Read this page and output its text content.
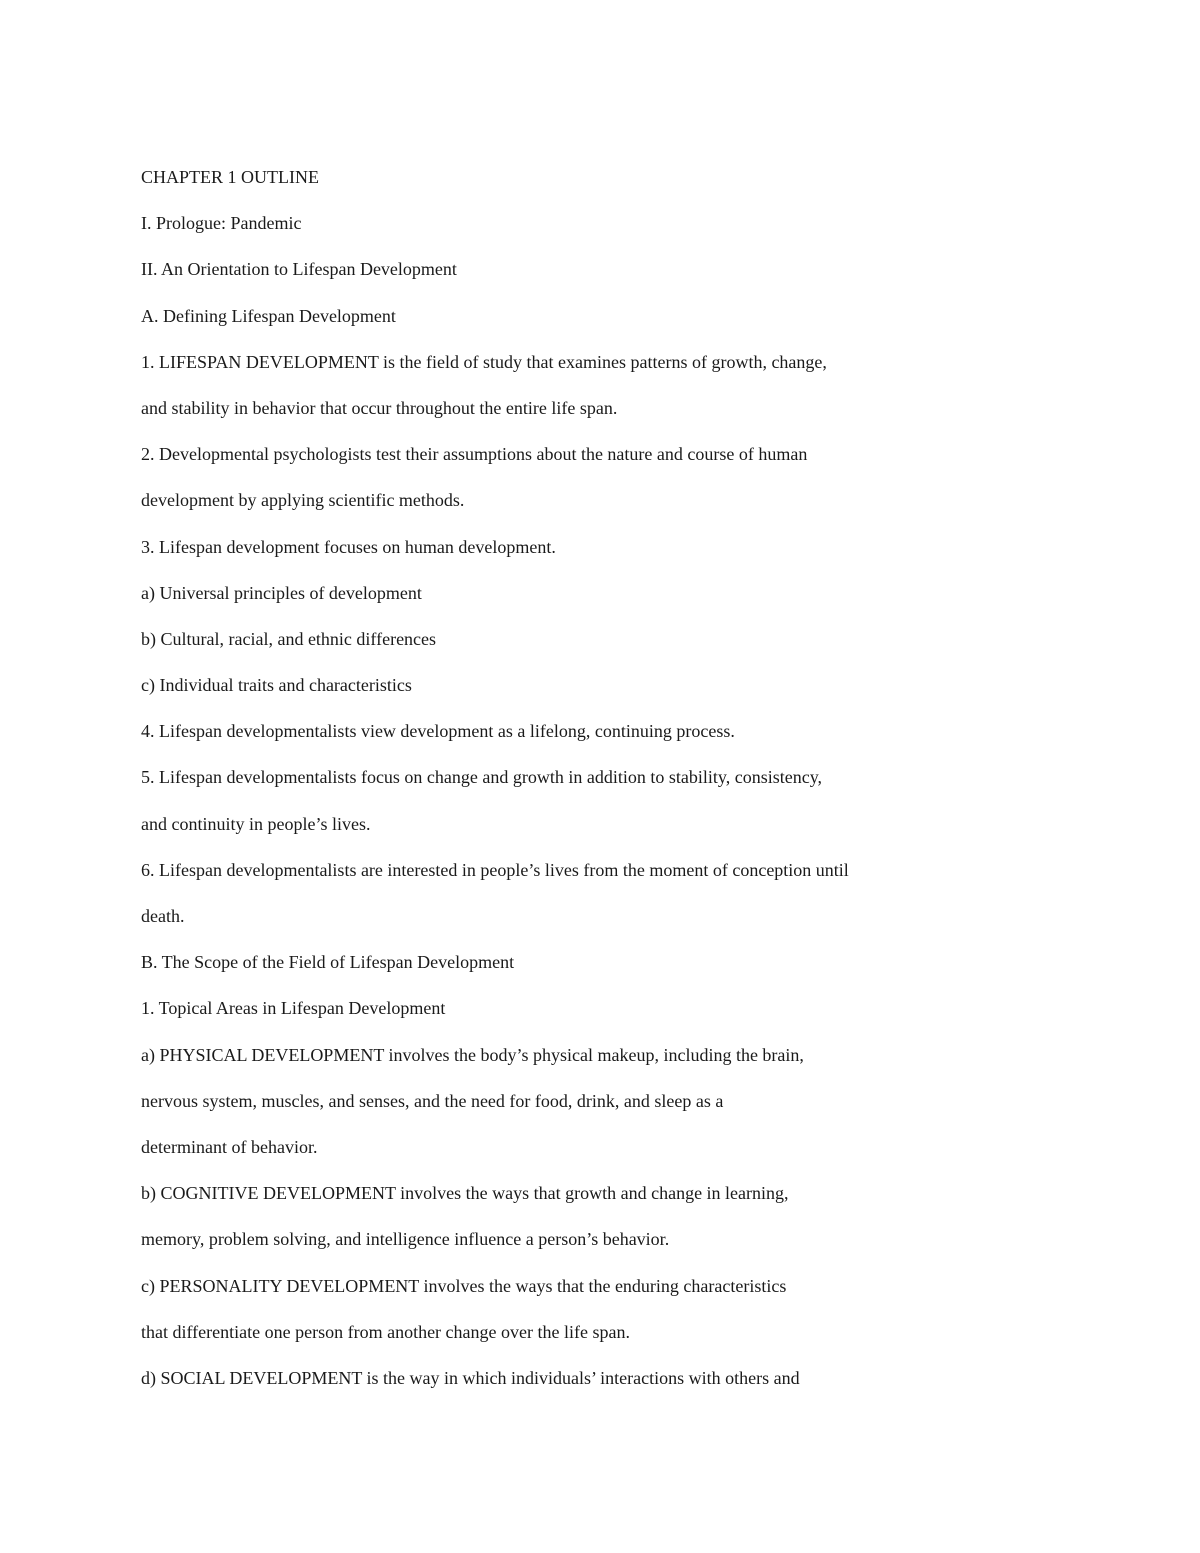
CHAPTER 1 OUTLINE
I. Prologue: Pandemic
II. An Orientation to Lifespan Development
A. Defining Lifespan Development
1. LIFESPAN DEVELOPMENT is the field of study that examines patterns of growth, change,
and stability in behavior that occur throughout the entire life span.
2. Developmental psychologists test their assumptions about the nature and course of human
development by applying scientific methods.
3. Lifespan development focuses on human development.
a) Universal principles of development
b) Cultural, racial, and ethnic differences
c) Individual traits and characteristics
4. Lifespan developmentalists view development as a lifelong, continuing process.
5. Lifespan developmentalists focus on change and growth in addition to stability, consistency,
and continuity in people’s lives.
6. Lifespan developmentalists are interested in people’s lives from the moment of conception until
death.
B. The Scope of the Field of Lifespan Development
1. Topical Areas in Lifespan Development
a) PHYSICAL DEVELOPMENT involves the body’s physical makeup, including the brain,
nervous system, muscles, and senses, and the need for food, drink, and sleep as a
determinant of behavior.
b) COGNITIVE DEVELOPMENT involves the ways that growth and change in learning,
memory, problem solving, and intelligence influence a person’s behavior.
c) PERSONALITY DEVELOPMENT involves the ways that the enduring characteristics
that differentiate one person from another change over the life span.
d) SOCIAL DEVELOPMENT is the way in which individuals’ interactions with others and
